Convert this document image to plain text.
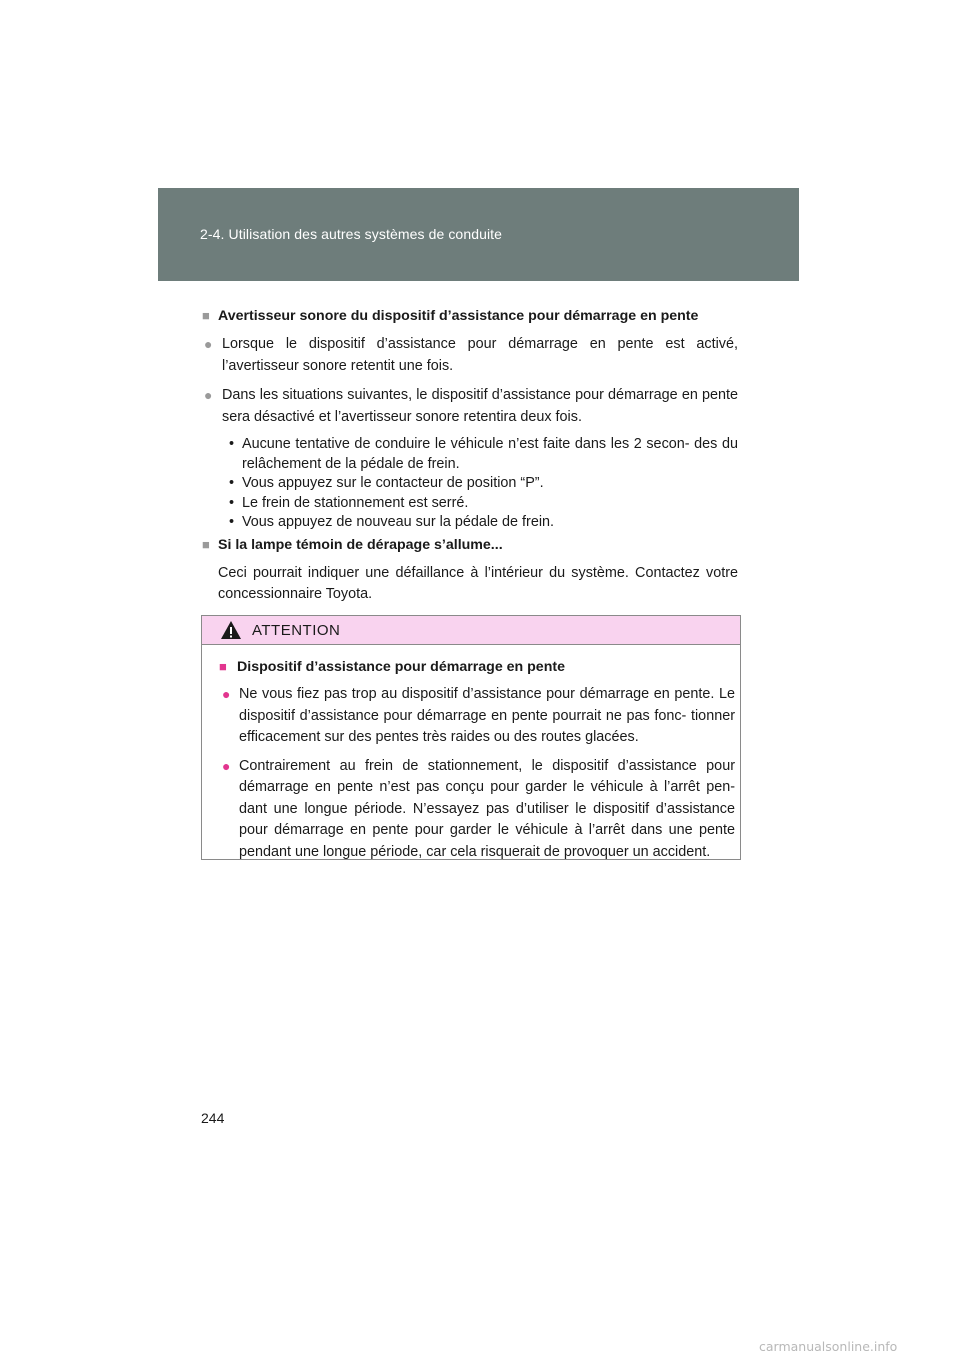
2-4. Utilisation des autres systèmes de conduite
■ Avertisseur sonore du dispositif d’assistance pour démarrage en pente
● Lorsque le dispositif d’assistance pour démarrage en pente est activé, l’avertisseur sonore retentit une fois.
● Dans les situations suivantes, le dispositif d’assistance pour démarrage en pente sera désactivé et l’avertisseur sonore retentira deux fois.
• Aucune tentative de conduire le véhicule n’est faite dans les 2 secon- des du relâchement de la pédale de frein.
• Vous appuyez sur le contacteur de position “P”.
• Le frein de stationnement est serré.
• Vous appuyez de nouveau sur la pédale de frein.
■ Si la lampe témoin de dérapage s’allume...
Ceci pourrait indiquer une défaillance à l’intérieur du système. Contactez votre concessionnaire Toyota.
ATTENTION
■ Dispositif d’assistance pour démarrage en pente
● Ne vous fiez pas trop au dispositif d’assistance pour démarrage en pente. Le dispositif d’assistance pour démarrage en pente pourrait ne pas fonc- tionner efficacement sur des pentes très raides ou des routes glacées.
● Contrairement au frein de stationnement, le dispositif d’assistance pour démarrage en pente n’est pas conçu pour garder le véhicule à l’arrêt pen- dant une longue période. N’essayez pas d’utiliser le dispositif d’assistance pour démarrage en pente pour garder le véhicule à l’arrêt dans une pente pendant une longue période, car cela risquerait de provoquer un accident.
244
carmanualsonline.info
